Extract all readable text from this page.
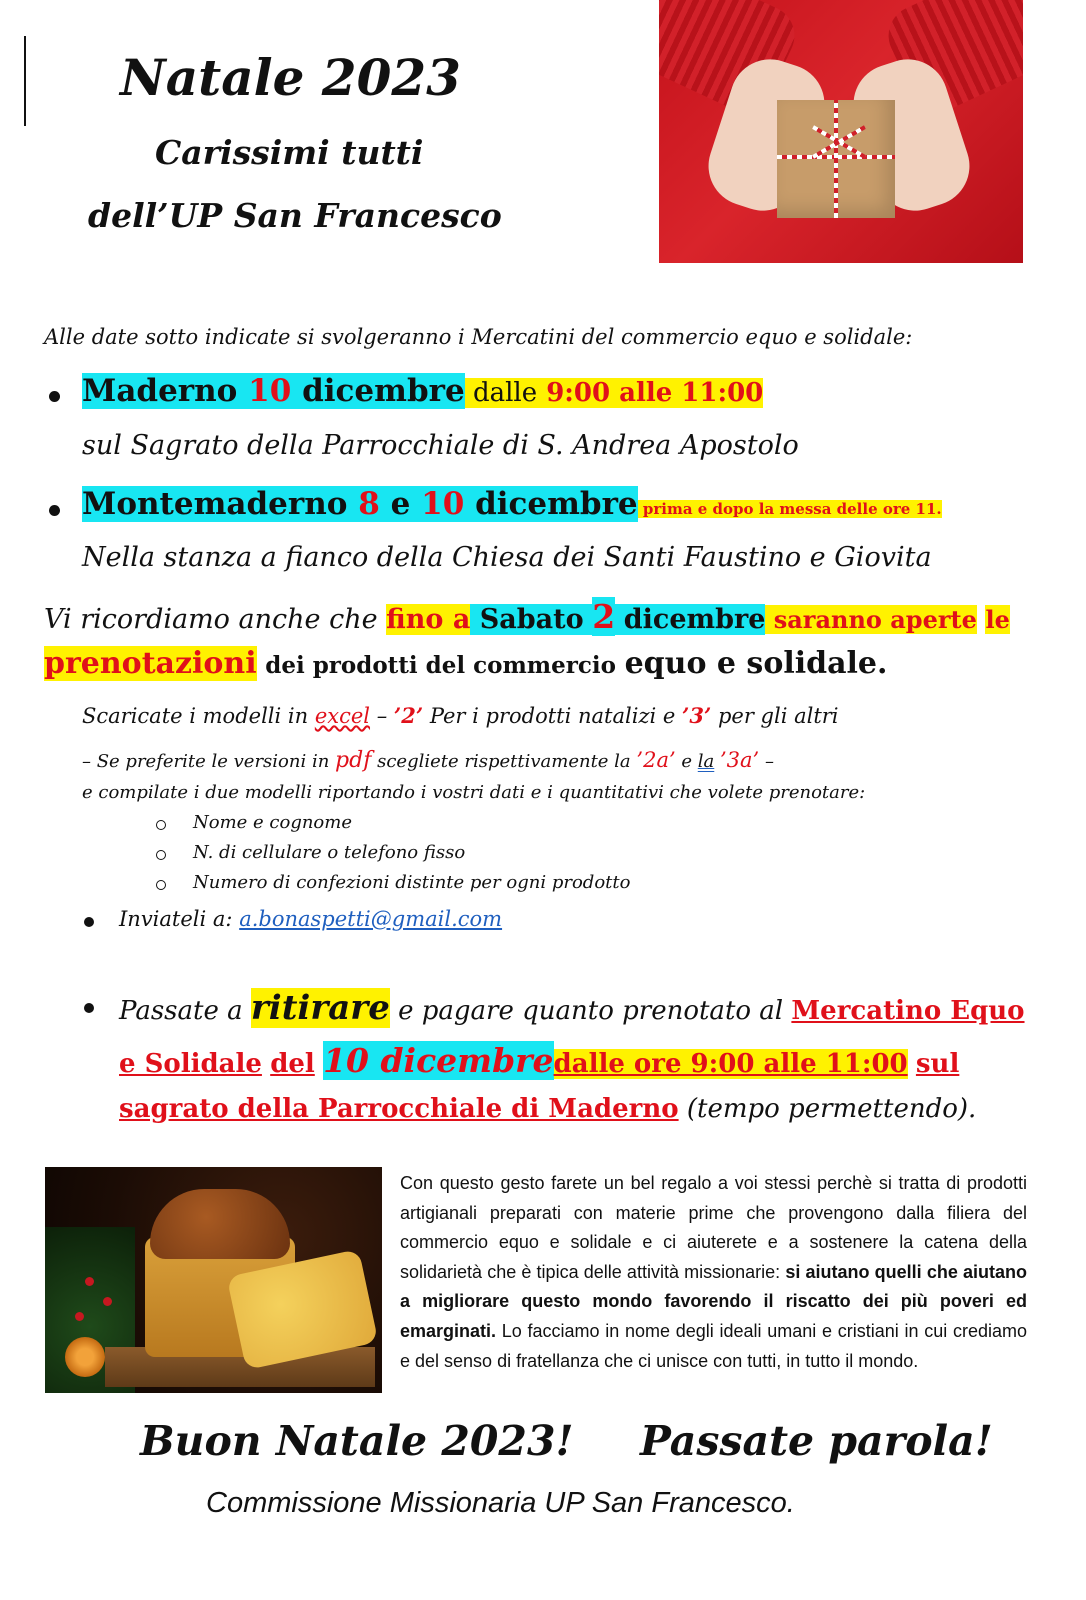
Natale 2023
Carissimi tutti
dell’UP San Francesco
Alle date sotto indicate si svolgeranno i Mercatini del commercio equo e solidale:
Maderno 10 dicembre dalle 9:00 alle 11:00
sul Sagrato della Parrocchiale di S. Andrea Apostolo
Montemaderno 8 e 10 dicembre prima e dopo la messa delle ore 11.
Nella stanza a fianco della Chiesa dei Santi Faustino e Giovita
Vi ricordiamo anche che fino a Sabato 2 dicembre saranno aperte le
prenotazioni dei prodotti del commercio equo e solidale.
Scaricate i modelli in excel – ’2’ Per i prodotti natalizi e ’3’ per gli altri
– Se preferite le versioni in pdf scegliete rispettivamente la ’2a’ e la ’3a’ –
e compilate i due modelli riportando i vostri dati e i quantitativi che volete prenotare:
Nome e cognome
N. di cellulare o telefono fisso
Numero di confezioni distinte per ogni prodotto
Inviateli a: a.bonaspetti@gmail.com
Passate a ritirare e pagare quanto prenotato al Mercatino Equo
e Solidale del 10 dicembredalle ore 9:00 alle 11:00 sul
sagrato della Parrocchiale di Maderno (tempo permettendo).
Con questo gesto farete un bel regalo a voi stessi perchè si tratta di prodotti artigianali preparati con materie prime che provengono dalla filiera del commercio equo e solidale e ci aiuterete e a sostenere la catena della solidarietà che è tipica delle attività missionarie: si aiutano quelli che aiutano a migliorare questo mondo favorendo il riscatto dei più poveri ed emarginati. Lo facciamo in nome degli ideali umani e cristiani in cui crediamo e del senso di fratellanza che ci unisce con tutti, in tutto il mondo.
Buon Natale 2023! Passate parola!
Commissione Missionaria UP San Francesco.
